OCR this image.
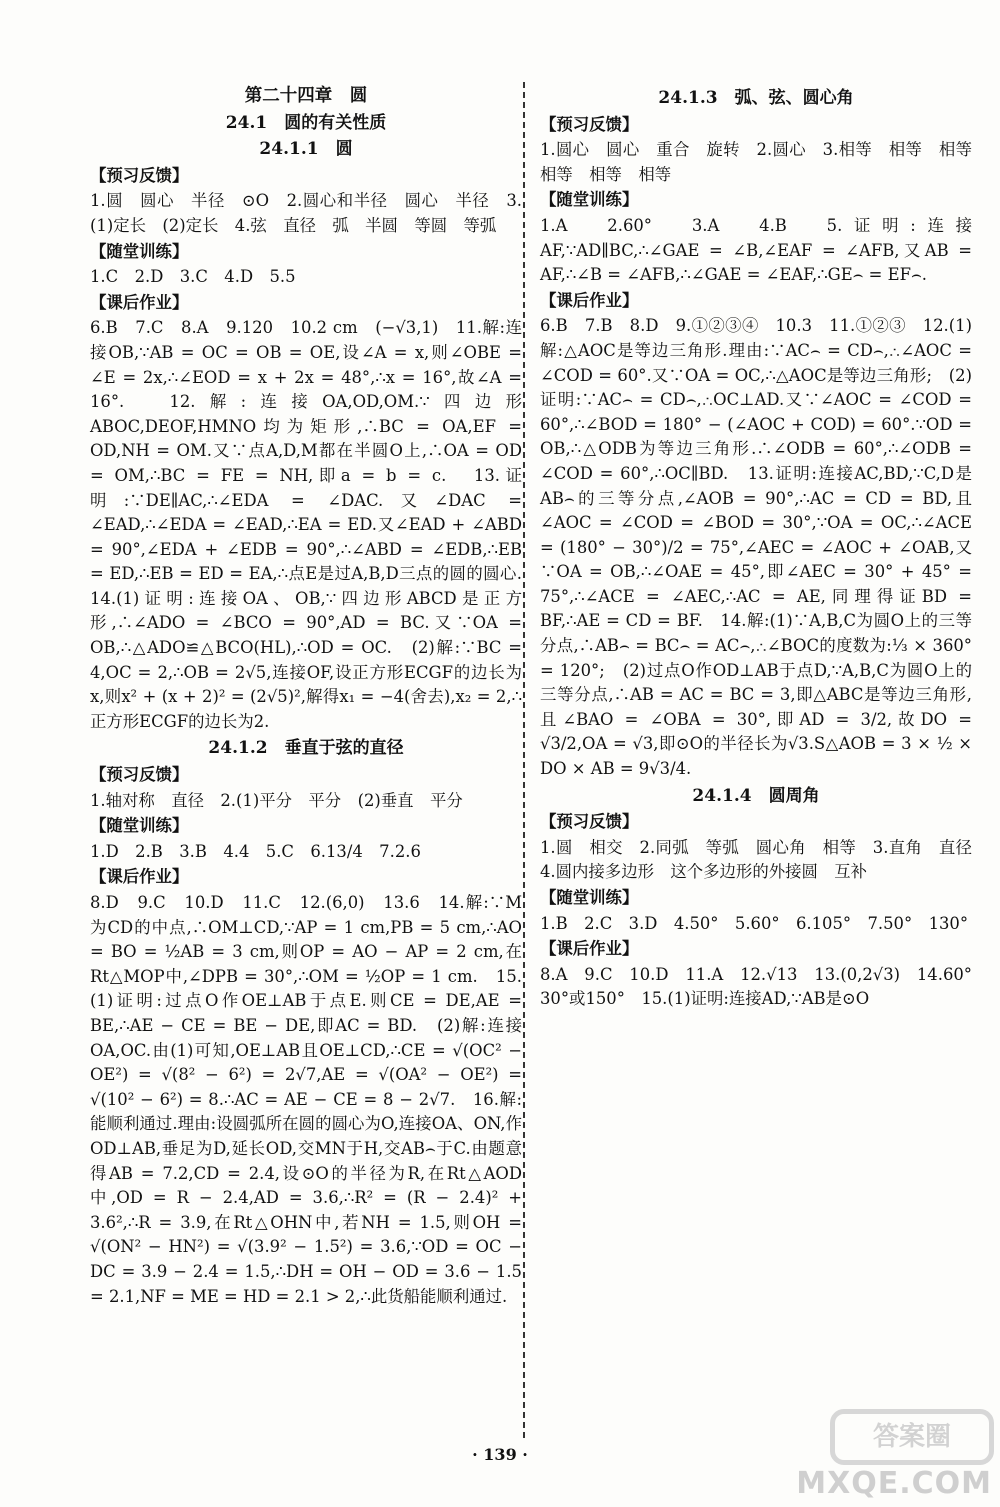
第二十四章　圆
24.1　圆的有关性质
24.1.1　圆
【预习反馈】

1.圆　圆心　半径　⊙O　2.圆心和半径　圆心　半径　3.(1)定长　(2)定长　4.弦　直径　弧　半圆　等圆　等弧

【随堂训练】

1.C　2.D　3.C　4.D　5.5

【课后作业】

6.B　7.C　8.A　9.120　10.2 cm　(−√3,1)　11.解:连接OB,∵AB = OC = OB = OE,设∠A = x,则∠OBE = ∠E = 2x,∴∠EOD = x + 2x = 48°,∴x = 16°,故∠A = 16°.　12.解:连接OA,OD,OM.∵四边形ABOC,DEOF,HMNO均为矩形,∴BC = OA,EF = OD,NH = OM.又∵点A,D,M都在半圆O上,∴OA = OD = OM,∴BC = FE = NH,即a = b = c.　13.证明:∵DE∥AC,∴∠EDA = ∠DAC.又∠DAC = ∠EAD,∴∠EDA = ∠EAD,∴EA = ED.又∠EAD + ∠ABD = 90°,∠EDA + ∠EDB = 90°,∴∠ABD = ∠EDB,∴EB = ED,∴EB = ED = EA,∴点E是过A,B,D三点的圆的圆心.　14.(1)证明:连接OA、OB,∵四边形ABCD是正方形,∴∠ADO = ∠BCO = 90°,AD = BC.又∵OA = OB,∴△ADO≌△BCO(HL),∴OD = OC.　(2)解:∵BC = 4,OC = 2,∴OB = 2√5,连接OF,设正方形ECGF的边长为x,则x² + (x + 2)² = (2√5)²,解得x₁ = −4(舍去),x₂ = 2,∴正方形ECGF的边长为2.

24.1.2　垂直于弦的直径
【预习反馈】

1.轴对称　直径　2.(1)平分　平分　(2)垂直　平分

【随堂训练】

1.D　2.B　3.B　4.4　5.C　6.13/4　7.2.6

【课后作业】

8.D　9.C　10.D　11.C　12.(6,0)　13.6　14.解:∵M为CD的中点,∴OM⊥CD,∵AP = 1 cm,PB = 5 cm,∴AO = BO = ½AB = 3 cm,则OP = AO − AP = 2 cm,在Rt△MOP中,∠DPB = 30°,∴OM = ½OP = 1 cm.　15.(1)证明:过点O作OE⊥AB于点E.则CE = DE,AE = BE,∴AE − CE = BE − DE,即AC = BD.　(2)解:连接OA,OC.由(1)可知,OE⊥AB且OE⊥CD,∴CE = √(OC² − OE²) = √(8² − 6²) = 2√7,AE = √(OA² − OE²) = √(10² − 6²) = 8.∴AC = AE − CE = 8 − 2√7.　16.解:能顺利通过.理由:设圆弧所在圆的圆心为O,连接OA、ON,作OD⊥AB,垂足为D,延长OD,交MN于H,交AB⌢于C.由题意得AB = 7.2,CD = 2.4,设⊙O的半径为R,在Rt△AOD中,OD = R − 2.4,AD = 3.6,∴R² = (R − 2.4)² + 3.6²,∴R = 3.9,在Rt△OHN中,若NH = 1.5,则OH = √(ON² − HN²) = √(3.9² − 1.5²) = 3.6,∵OD = OC − DC = 3.9 − 2.4 = 1.5,∴DH = OH − OD = 3.6 − 1.5 = 2.1,NF = ME = HD = 2.1 > 2,∴此货船能顺利通过.

24.1.3　弧、弦、圆心角
【预习反馈】

1.圆心　圆心　重合　旋转　2.圆心　3.相等　相等　相等　相等　相等　相等

【随堂训练】

1.A　2.60°　3.A　4.B　5.证明:连接AF,∵AD∥BC,∴∠GAE = ∠B,∠EAF = ∠AFB,又AB = AF,∴∠B = ∠AFB,∴∠GAE = ∠EAF,∴GE⌢ = EF⌢.

【课后作业】

6.B　7.B　8.D　9.①②③④　10.3　11.①②③　12.(1)解:△AOC是等边三角形.理由:∵AC⌢ = CD⌢,∴∠AOC = ∠COD = 60°.又∵OA = OC,∴△AOC是等边三角形;　(2)证明:∵AC⌢ = CD⌢,∴OC⊥AD.又∵∠AOC = ∠COD = 60°,∴∠BOD = 180° − (∠AOC + COD) = 60°.∵OD = OB,∴△ODB为等边三角形.∴∠ODB = 60°,∴∠ODB = ∠COD = 60°,∴OC∥BD.　13.证明:连接AC,BD,∵C,D是AB⌢的三等分点,∠AOB = 90°,∴AC = CD = BD,且∠AOC = ∠COD = ∠BOD = 30°,∵OA = OC,∴∠ACE = (180° − 30°)/2 = 75°,∠AEC = ∠AOC + ∠OAB,又∵OA = OB,∴∠OAE = 45°,即∠AEC = 30° + 45° = 75°,∴∠ACE = ∠AEC,∴AC = AE,同理得证BD = BF,∴AE = CD = BF.　14.解:(1)∵A,B,C为圆O上的三等分点,∴AB⌢ = BC⌢ = AC⌢,∴∠BOC的度数为:⅓ × 360° = 120°;　(2)过点O作OD⊥AB于点D,∵A,B,C为圆O上的三等分点,∴AB = AC = BC = 3,即△ABC是等边三角形,且∠BAO = ∠OBA = 30°,即AD = 3/2,故DO = √3/2,OA = √3,即⊙O的半径长为√3.S△AOB = 3 × ½ × DO × AB = 9√3/4.

24.1.4　圆周角
【预习反馈】

1.圆　相交　2.同弧　等弧　圆心角　相等　3.直角　直径　4.圆内接多边形　这个多边形的外接圆　互补

【随堂训练】

1.B　2.C　3.D　4.50°　5.60°　6.105°　7.50°　130°

【课后作业】

8.A　9.C　10.D　11.A　12.√13　13.(0,2√3)　14.60°　30°或150°　15.(1)证明:连接AD,∵AB是⊙O

· 139 ·
答案圈
MXQE.COM
